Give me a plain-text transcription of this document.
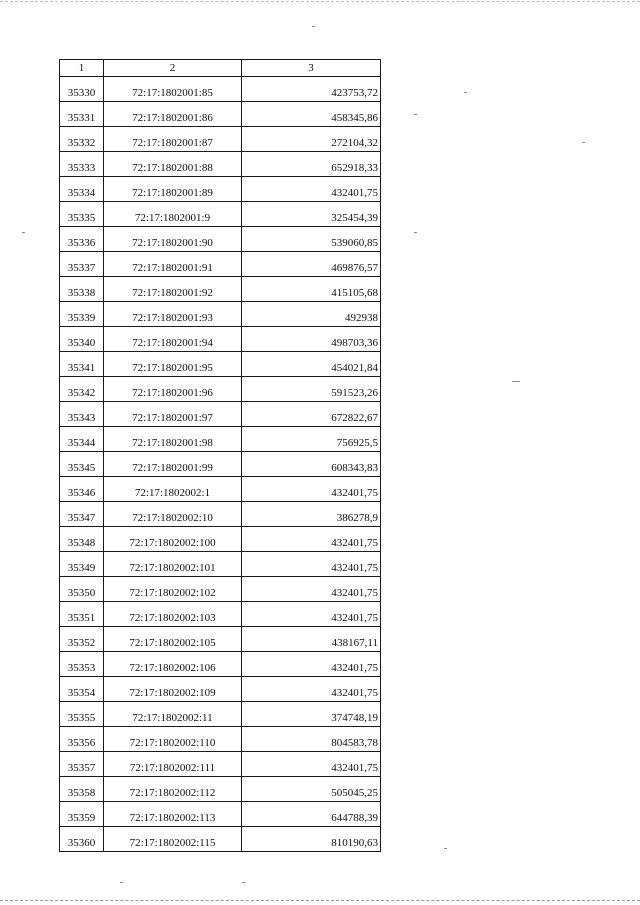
1	2	3
35330	72:17:1802001:85	423753,72
35331	72:17:1802001:86	458345,86
35332	72:17:1802001:87	272104,32
35333	72:17:1802001:88	652918,33
35334	72:17:1802001:89	432401,75
35335	72:17:1802001:9	325454,39
35336	72:17:1802001:90	539060,85
35337	72:17:1802001:91	469876,57
35338	72:17:1802001:92	415105,68
35339	72:17:1802001:93	492938
35340	72:17:1802001:94	498703,36
35341	72:17:1802001:95	454021,84
35342	72:17:1802001:96	591523,26
35343	72:17:1802001:97	672822,67
35344	72:17:1802001:98	756925,5
35345	72:17:1802001:99	608343,83
35346	72:17:1802002:1	432401,75
35347	72:17:1802002:10	386278,9
35348	72:17:1802002:100	432401,75
35349	72:17:1802002:101	432401,75
35350	72:17:1802002:102	432401,75
35351	72:17:1802002:103	432401,75
35352	72:17:1802002:105	438167,11
35353	72:17:1802002:106	432401,75
35354	72:17:1802002:109	432401,75
35355	72:17:1802002:11	374748,19
35356	72:17:1802002:110	804583,78
35357	72:17:1802002:111	432401,75
35358	72:17:1802002:112	505045,25
35359	72:17:1802002:113	644788,39
35360	72:17:1802002:115	810190,63
